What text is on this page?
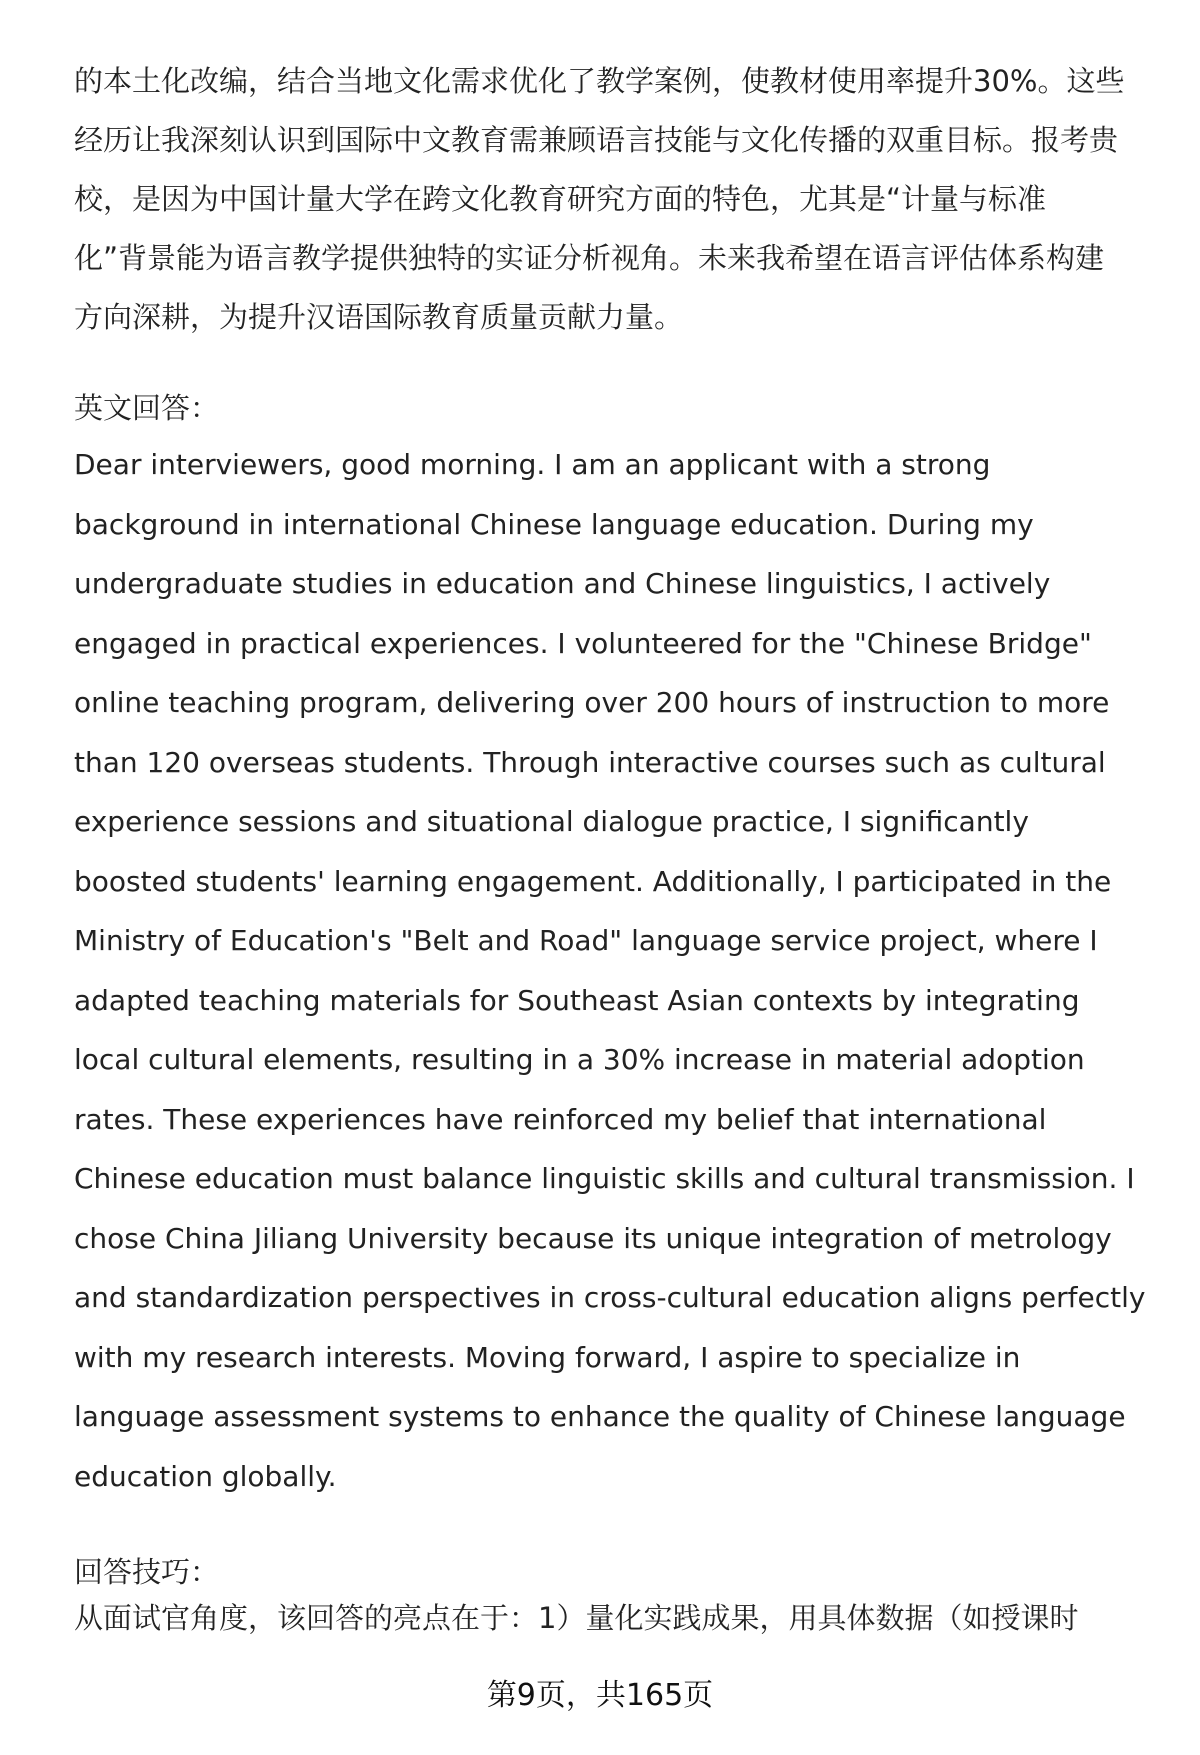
的本土化改编，结合当地文化需求优化了教学案例，使教材使用率提升30%。这些
经历让我深刻认识到国际中文教育需兼顾语言技能与文化传播的双重目标。报考贵
校，是因为中国计量大学在跨文化教育研究方面的特色，尤其是“计量与标准
化”背景能为语言教学提供独特的实证分析视角。未来我希望在语言评估体系构建
方向深耕，为提升汉语国际教育质量贡献力量。

英文回答：

Dear interviewers, good morning. I am an applicant with a strong
background in international Chinese language education. During my
undergraduate studies in education and Chinese linguistics, I actively
engaged in practical experiences. I volunteered for the "Chinese Bridge"
online teaching program, delivering over 200 hours of instruction to more
than 120 overseas students. Through interactive courses such as cultural
experience sessions and situational dialogue practice, I significantly
boosted students' learning engagement. Additionally, I participated in the
Ministry of Education's "Belt and Road" language service project, where I
adapted teaching materials for Southeast Asian contexts by integrating
local cultural elements, resulting in a 30% increase in material adoption
rates. These experiences have reinforced my belief that international
Chinese education must balance linguistic skills and cultural transmission. I
chose China Jiliang University because its unique integration of metrology
and standardization perspectives in cross-cultural education aligns perfectly
with my research interests. Moving forward, I aspire to specialize in
language assessment systems to enhance the quality of Chinese language
education globally.

回答技巧：

从面试官角度，该回答的亮点在于：1）量化实践成果，用具体数据（如授课时

第9页，共165页
